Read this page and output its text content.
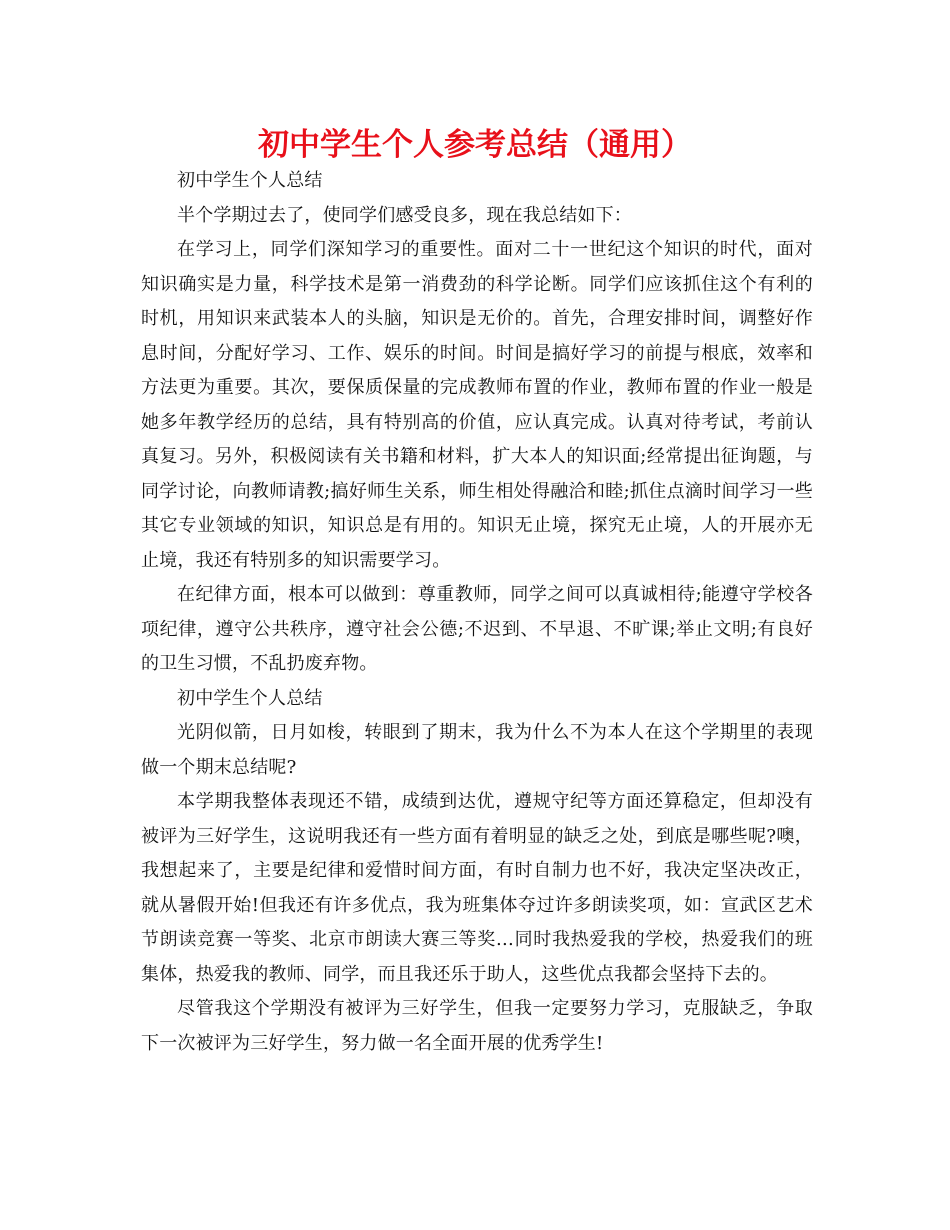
初中学生个人参考总结（通用）

初中学生个人总结

半个学期过去了，使同学们感受良多，现在我总结如下：

在学习上，同学们深知学习的重要性。面对二十一世纪这个知识的时代，面对知识确实是力量，科学技术是第一消费劲的科学论断。同学们应该抓住这个有利的时机，用知识来武装本人的头脑，知识是无价的。首先，合理安排时间，调整好作息时间，分配好学习、工作、娱乐的时间。时间是搞好学习的前提与根底，效率和方法更为重要。其次，要保质保量的完成教师布置的作业，教师布置的作业一般是她多年教学经历的总结，具有特别高的价值，应认真完成。认真对待考试，考前认真复习。另外，积极阅读有关书籍和材料，扩大本人的知识面;经常提出征询题，与同学讨论，向教师请教;搞好师生关系，师生相处得融洽和睦;抓住点滴时间学习一些其它专业领域的知识，知识总是有用的。知识无止境，探究无止境，人的开展亦无止境，我还有特别多的知识需要学习。

在纪律方面，根本可以做到：尊重教师，同学之间可以真诚相待;能遵守学校各项纪律，遵守公共秩序，遵守社会公德;不迟到、不早退、不旷课;举止文明;有良好的卫生习惯，不乱扔废弃物。

初中学生个人总结

光阴似箭，日月如梭，转眼到了期末，我为什么不为本人在这个学期里的表现做一个期末总结呢?

本学期我整体表现还不错，成绩到达优，遵规守纪等方面还算稳定，但却没有被评为三好学生，这说明我还有一些方面有着明显的缺乏之处，到底是哪些呢?噢，我想起来了，主要是纪律和爱惜时间方面，有时自制力也不好，我决定坚决改正，就从暑假开始!但我还有许多优点，我为班集体夺过许多朗读奖项，如：宣武区艺术节朗读竞赛一等奖、北京市朗读大赛三等奖…同时我热爱我的学校，热爱我们的班集体，热爱我的教师、同学，而且我还乐于助人，这些优点我都会坚持下去的。

尽管我这个学期没有被评为三好学生，但我一定要努力学习，克服缺乏，争取下一次被评为三好学生，努力做一名全面开展的优秀学生!
